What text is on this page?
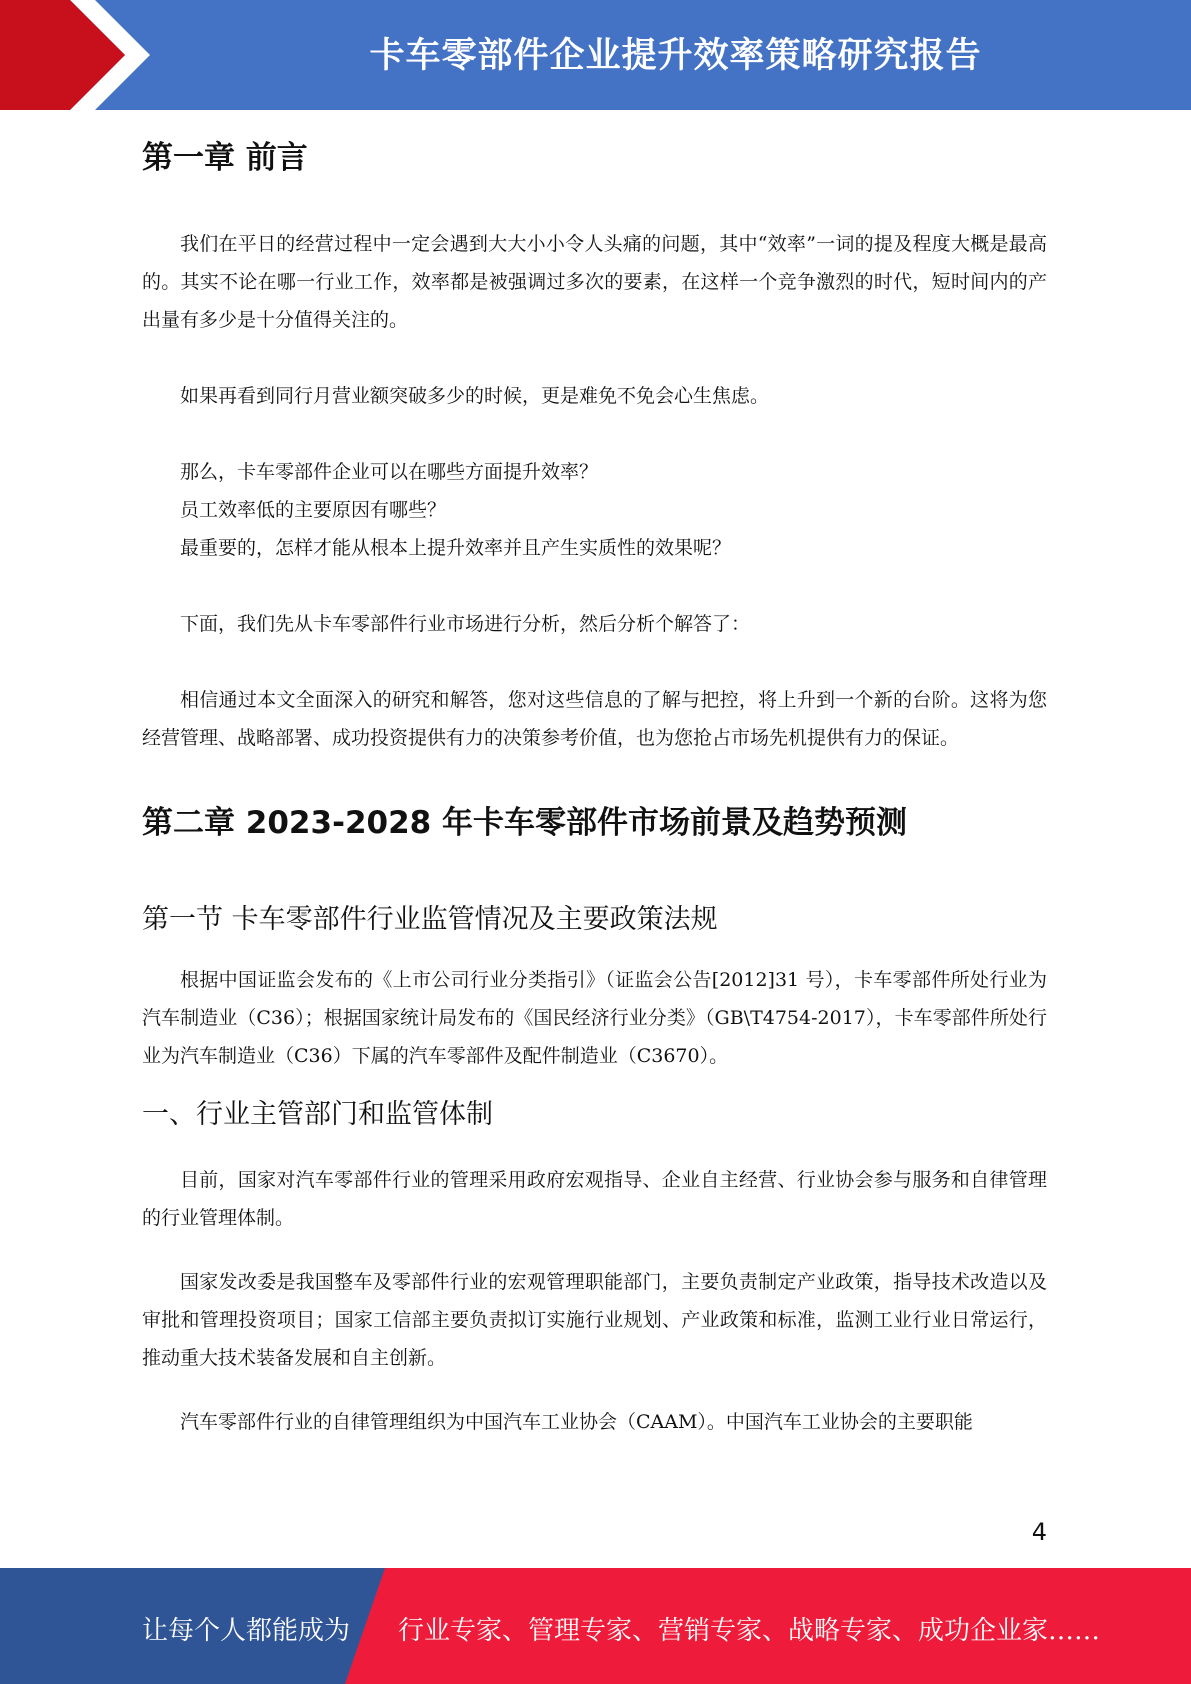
卡车零部件企业提升效率策略研究报告
第一章 前言

我们在平日的经营过程中一定会遇到大大小小令人头痛的问题，其中“效率”一词的提及程度大概是最高的。其实不论在哪一行业工作，效率都是被强调过多次的要素，在这样一个竞争激烈的时代，短时间内的产出量有多少是十分值得关注的。

如果再看到同行月营业额突破多少的时候，更是难免不免会心生焦虑。

那么，卡车零部件企业可以在哪些方面提升效率？

员工效率低的主要原因有哪些？

最重要的，怎样才能从根本上提升效率并且产生实质性的效果呢？

下面，我们先从卡车零部件行业市场进行分析，然后分析个解答了：

相信通过本文全面深入的研究和解答，您对这些信息的了解与把控，将上升到一个新的台阶。这将为您经营管理、战略部署、成功投资提供有力的决策参考价值，也为您抢占市场先机提供有力的保证。

第二章 2023-2028 年卡车零部件市场前景及趋势预测
第一节 卡车零部件行业监管情况及主要政策法规

根据中国证监会发布的《上市公司行业分类指引》（证监会公告[2012]31 号），卡车零部件所处行业为汽车制造业（C36）；根据国家统计局发布的《国民经济行业分类》（GB\T4754-2017），卡车零部件所处行业为汽车制造业（C36）下属的汽车零部件及配件制造业（C3670）。

一、行业主管部门和监管体制

目前，国家对汽车零部件行业的管理采用政府宏观指导、企业自主经营、行业协会参与服务和自律管理的行业管理体制。

国家发改委是我国整车及零部件行业的宏观管理职能部门，主要负责制定产业政策，指导技术改造以及审批和管理投资项目；国家工信部主要负责拟订实施行业规划、产业政策和标准，监测工业行业日常运行，推动重大技术装备发展和自主创新。

汽车零部件行业的自律管理组织为中国汽车工业协会（CAAM）。中国汽车工业协会的主要职能

4
让每个人都能成为 行业专家、管理专家、营销专家、战略专家、成功企业家……
